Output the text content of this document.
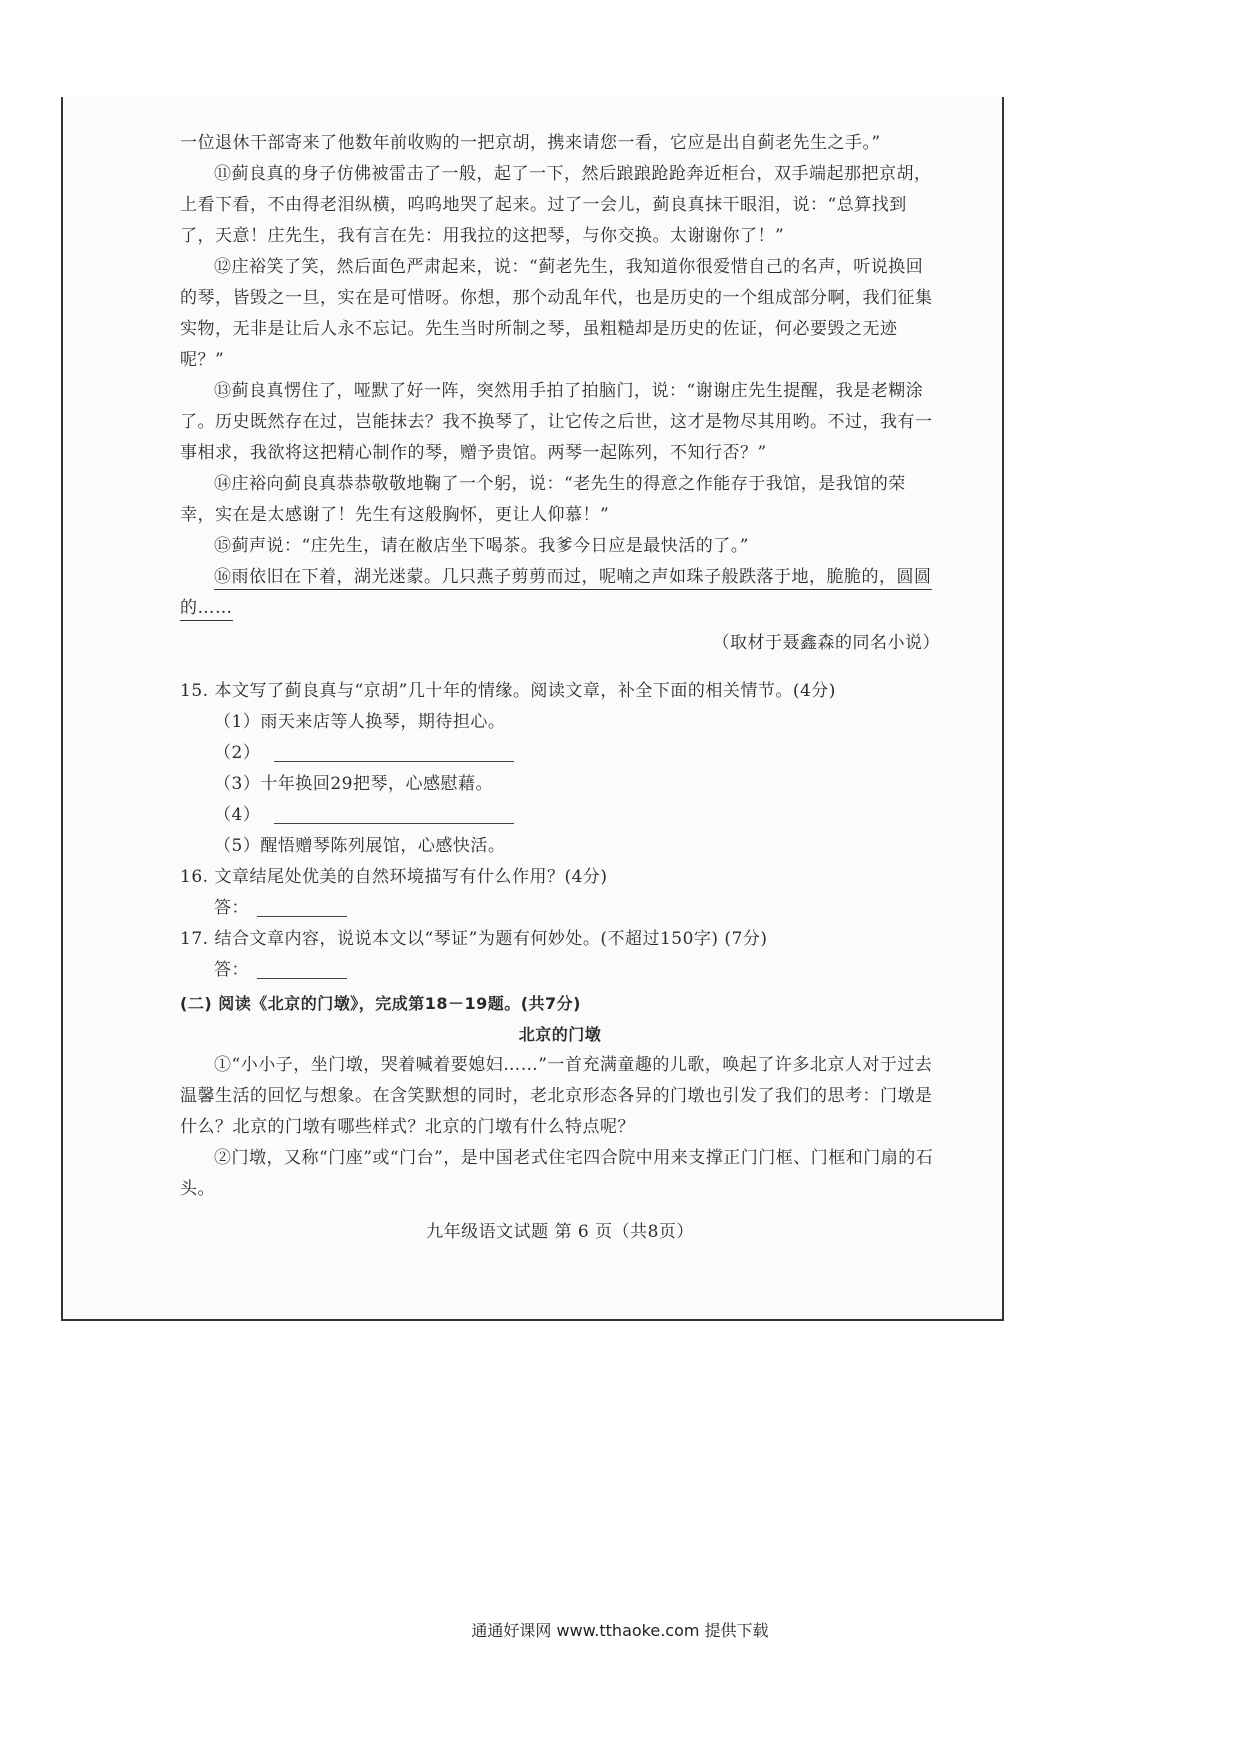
一位退休干部寄来了他数年前收购的一把京胡，携来请您一看，它应是出自蓟老先生之手。”

⑪蓟良真的身子仿佛被雷击了一般，起了一下，然后踉踉跄跄奔近柜台，双手端起那把京胡，上看下看，不由得老泪纵横，呜呜地哭了起来。过了一会儿，蓟良真抹干眼泪，说：“总算找到了，天意！庄先生，我有言在先：用我拉的这把琴，与你交换。太谢谢你了！”

⑫庄裕笑了笑，然后面色严肃起来，说：“蓟老先生，我知道你很爱惜自己的名声，听说换回的琴，皆毁之一旦，实在是可惜呀。你想，那个动乱年代，也是历史的一个组成部分啊，我们征集实物，无非是让后人永不忘记。先生当时所制之琴，虽粗糙却是历史的佐证，何必要毁之无迹呢？”

⑬蓟良真愣住了，哑默了好一阵，突然用手拍了拍脑门，说：“谢谢庄先生提醒，我是老糊涂了。历史既然存在过，岂能抹去？我不换琴了，让它传之后世，这才是物尽其用哟。不过，我有一事相求，我欲将这把精心制作的琴，赠予贵馆。两琴一起陈列，不知行否？”

⑭庄裕向蓟良真恭恭敬敬地鞠了一个躬，说：“老先生的得意之作能存于我馆，是我馆的荣幸，实在是太感谢了！先生有这般胸怀，更让人仰慕！”

⑮蓟声说：“庄先生，请在敝店坐下喝茶。我爹今日应是最快活的了。”

⑯雨依旧在下着，湖光迷蒙。几只燕子剪剪而过，呢喃之声如珠子般跌落于地，脆脆的，圆圆的……

（取材于聂鑫森的同名小说）

15. 本文写了蓟良真与“京胡”几十年的情缘。阅读文章，补全下面的相关情节。(4分)

（1）雨天来店等人换琴，期待担心。

（2）

（3）十年换回29把琴，心感慰藉。

（4）

（5）醒悟赠琴陈列展馆，心感快活。

16. 文章结尾处优美的自然环境描写有什么作用？(4分)

答：

17. 结合文章内容，说说本文以“琴证”为题有何妙处。(不超过150字) (7分)

答：

(二) 阅读《北京的门墩》，完成第18－19题。(共7分)

北京的门墩

①“小小子，坐门墩，哭着喊着要媳妇……”一首充满童趣的儿歌，唤起了许多北京人对于过去温馨生活的回忆与想象。在含笑默想的同时，老北京形态各异的门墩也引发了我们的思考：门墩是什么？北京的门墩有哪些样式？北京的门墩有什么特点呢？

②门墩，又称“门座”或“门台”，是中国老式住宅四合院中用来支撑正门门框、门框和门扇的石头。

九年级语文试题 第 6 页（共8页）

通通好课网 www.tthaoke.com 提供下载
